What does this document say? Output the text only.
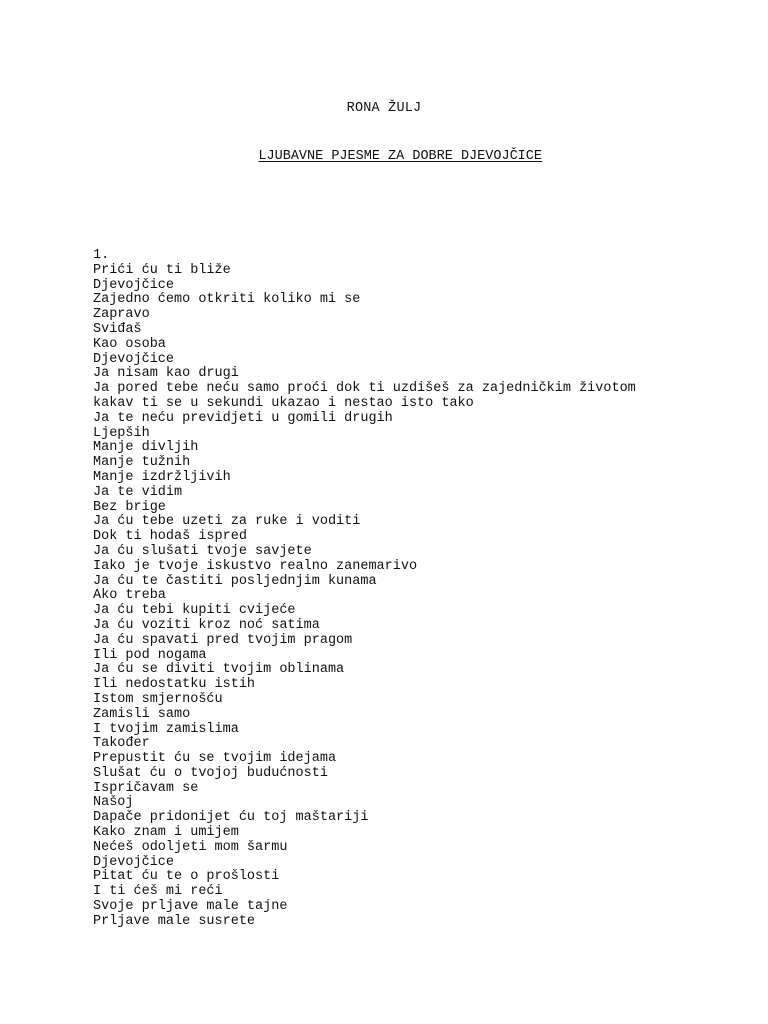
RONA ŽULJ

LJUBAVNE PJESME ZA DOBRE DJEVOJČICE

1.
Prići ću ti bliže
Djevojčice
Zajedno ćemo otkriti koliko mi se
Zapravo
Sviđaš
Kao osoba
Djevojčice
Ja nisam kao drugi
Ja pored tebe neću samo proći dok ti uzdišeš za zajedničkim životom
kakav ti se u sekundi ukazao i nestao isto tako
Ja te neću previdjeti u gomili drugih
Ljepših
Manje divljih
Manje tužnih
Manje izdržljivih
Ja te vidim
Bez brige
Ja ću tebe uzeti za ruke i voditi
Dok ti hodaš ispred
Ja ću slušati tvoje savjete
Iako je tvoje iskustvo realno zanemarivo
Ja ću te častiti posljednjim kunama
Ako treba
Ja ću tebi kupiti cvijeće
Ja ću voziti kroz noć satima
Ja ću spavati pred tvojim pragom
Ili pod nogama
Ja ću se diviti tvojim oblinama
Ili nedostatku istih
Istom smjernošću
Zamisli samo
I tvojim zamislima
Također
Prepustit ću se tvojim idejama
Slušat ću o tvojoj budućnosti
Ispričavam se
Našoj
Dapače pridonijet ću toj maštariji
Kako znam i umijem
Nećeš odoljeti mom šarmu
Djevojčice
Pitat ću te o prošlosti
I ti ćeš mi reći
Svoje prljave male tajne
Prljave male susrete
